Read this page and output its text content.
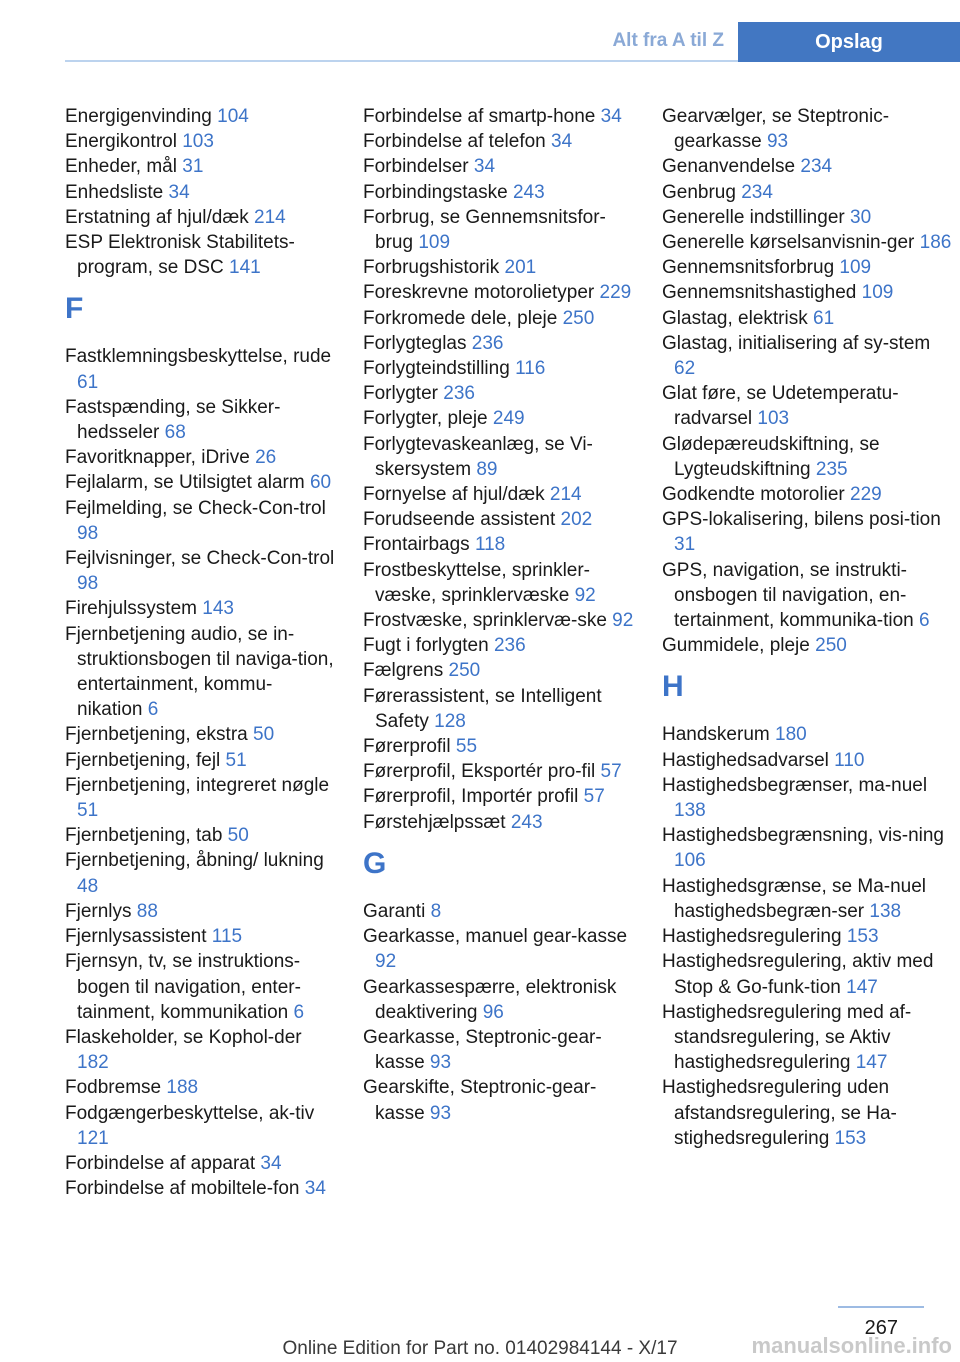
Alt fra A til Z	Opslag
Energigenvinding 104
Energikontrol 103
Enheder, mål 31
Enhedsliste 34
Erstatning af hjul/dæk 214
ESP Elektronisk Stabilitets-program, se DSC 141
F
Fastklemningsbeskyttelse, rude 61
Fastspænding, se Sikker-hedsseler 68
Favoritknapper, iDrive 26
Fejlalarm, se Utilsigtet alarm 60
Fejlmelding, se Check-Con-trol 98
Fejlvisninger, se Check-Con-trol 98
Firehjulssystem 143
Fjernbetjening audio, se in-struktionsbogen til naviga-tion, entertainment, kommu-nikation 6
Fjernbetjening, ekstra 50
Fjernbetjening, fejl 51
Fjernbetjening, integreret nøgle 51
Fjernbetjening, tab 50
Fjernbetjening, åbning/ lukning 48
Fjernlys 88
Fjernlysassistent 115
Fjernsyn, tv, se instruktions-bogen til navigation, enter-tainment, kommunikation 6
Flaskeholder, se Kophol-der 182
Fodbremse 188
Fodgængerbeskyttelse, ak-tiv 121
Forbindelse af apparat 34
Forbindelse af mobiltele-fon 34
Forbindelse af smartp-hone 34
Forbindelse af telefon 34
Forbindelser 34
Forbindingstaske 243
Forbrug, se Gennemsnitsfor-brug 109
Forbrugshistorik 201
Foreskrevne motorolietyper 229
Forkromede dele, pleje 250
Forlygteglas 236
Forlygteindstilling 116
Forlygter 236
Forlygter, pleje 249
Forlygtevaskeanlæg, se Vi-skersystem 89
Fornyelse af hjul/dæk 214
Forudseende assistent 202
Frontairbags 118
Frostbeskyttelse, sprinkler-væske, sprinklervæske 92
Frostvæske, sprinklervæ-ske 92
Fugt i forlygten 236
Fælgrens 250
Førerassistent, se Intelligent Safety 128
Førerprofil 55
Førerprofil, Eksportér pro-fil 57
Førerprofil, Importér profil 57
Førstehjælpssæt 243
G
Garanti 8
Gearkasse, manuel gear-kasse 92
Gearkassespærre, elektronisk deaktivering 96
Gearkasse, Steptronic-gear-kasse 93
Gearskifte, Steptronic-gear-kasse 93
Gearvælger, se Steptronic-gearkasse 93
Genanvendelse 234
Genbrug 234
Generelle indstillinger 30
Generelle kørselsanvisnin-ger 186
Gennemsnitsforbrug 109
Gennemsnitshastighed 109
Glastag, elektrisk 61
Glastag, initialisering af sy-stem 62
Glat føre, se Udetemperatu-radvarsel 103
Glødepæreudskiftning, se Lygteudskiftning 235
Godkendte motorolier 229
GPS-lokalisering, bilens posi-tion 31
GPS, navigation, se instrukti-onsbogen til navigation, en-tertainment, kommunika-tion 6
Gummidele, pleje 250
H
Handskerum 180
Hastighedsadvarsel 110
Hastighedsbegrænser, ma-nuel 138
Hastighedsbegrænsning, vis-ning 106
Hastighedsgrænse, se Ma-nuel hastighedsbegræn-ser 138
Hastighedsregulering 153
Hastighedsregulering, aktiv med Stop & Go-funk-tion 147
Hastighedsregulering med af-standsregulering, se Aktiv hastighedsregulering 147
Hastighedsregulering uden afstandsregulering, se Ha-stighedsregulering 153
267
Online Edition for Part no. 01402984144 - X/17	manualsonline.info
